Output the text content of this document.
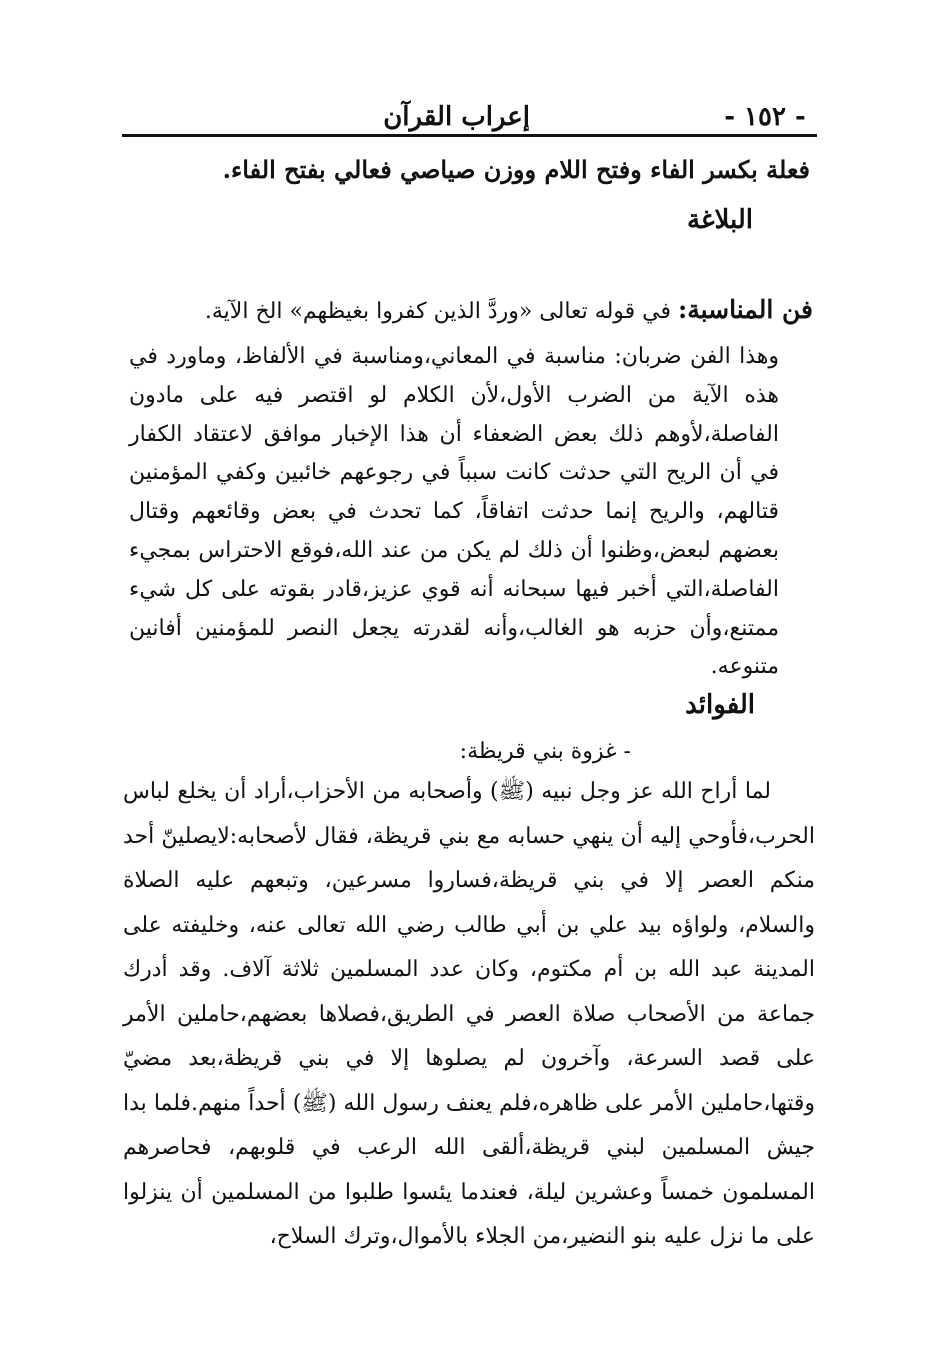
- ١٥٢ -
إعراب القرآن
فعلة بكسر الفاء وفتح اللام ووزن صياصي فعالي بفتح الفاء.
البلاغة
فن المناسبة: في قوله تعالى «وردَّ الذين كفروا بغيظهم» الخ الآية.
وهذا الفن ضربان: مناسبة في المعاني،ومناسبة في الألفاظ، وماورد في هذه الآية من الضرب الأول،لأن الكلام لو اقتصر فيه على مادون الفاصلة،لأوهم ذلك بعض الضعفاء أن هذا الإخبار موافق لاعتقاد الكفار في أن الريح التي حدثت كانت سبباً في رجوعهم خائبين وكفي المؤمنين قتالهم، والريح إنما حدثت اتفاقاً، كما تحدث في بعض وقائعهم وقتال بعضهم لبعض،وظنوا أن ذلك لم يكن من عند الله،فوقع الاحتراس بمجيء الفاصلة،التي أخبر فيها سبحانه أنه قوي عزيز،قادر بقوته على كل شيء ممتنع،وأن حزبه هو الغالب،وأنه لقدرته يجعل النصر للمؤمنين أفانين متنوعه.
الفوائد
- غزوة بني قريظة:
لما أراح الله عز وجل نبيه (ﷺ) وأصحابه من الأحزاب،أراد أن يخلع لباس الحرب،فأوحي إليه أن ينهي حسابه مع بني قريظة، فقال لأصحابه:لايصلينّ أحد منكم العصر إلا في بني قريظة،فساروا مسرعين، وتبعهم عليه الصلاة والسلام، ولواؤه بيد علي بن أبي طالب رضي الله تعالى عنه، وخليفته على المدينة عبد الله بن أم مكتوم، وكان عدد المسلمين ثلاثة آلاف. وقد أدرك جماعة من الأصحاب صلاة العصر في الطريق،فصلاها بعضهم،حاملين الأمر على قصد السرعة، وآخرون لم يصلوها إلا في بني قريظة،بعد مضيّ وقتها،حاملين الأمر على ظاهره،فلم يعنف رسول الله (ﷺ) أحداً منهم.فلما بدا جيش المسلمين لبني قريظة،ألقى الله الرعب في قلوبهم، فحاصرهم المسلمون خمساً وعشرين ليلة، فعندما يئسوا طلبوا من المسلمين أن ينزلوا على ما نزل عليه بنو النضير،من الجلاء بالأموال،وترك السلاح،
